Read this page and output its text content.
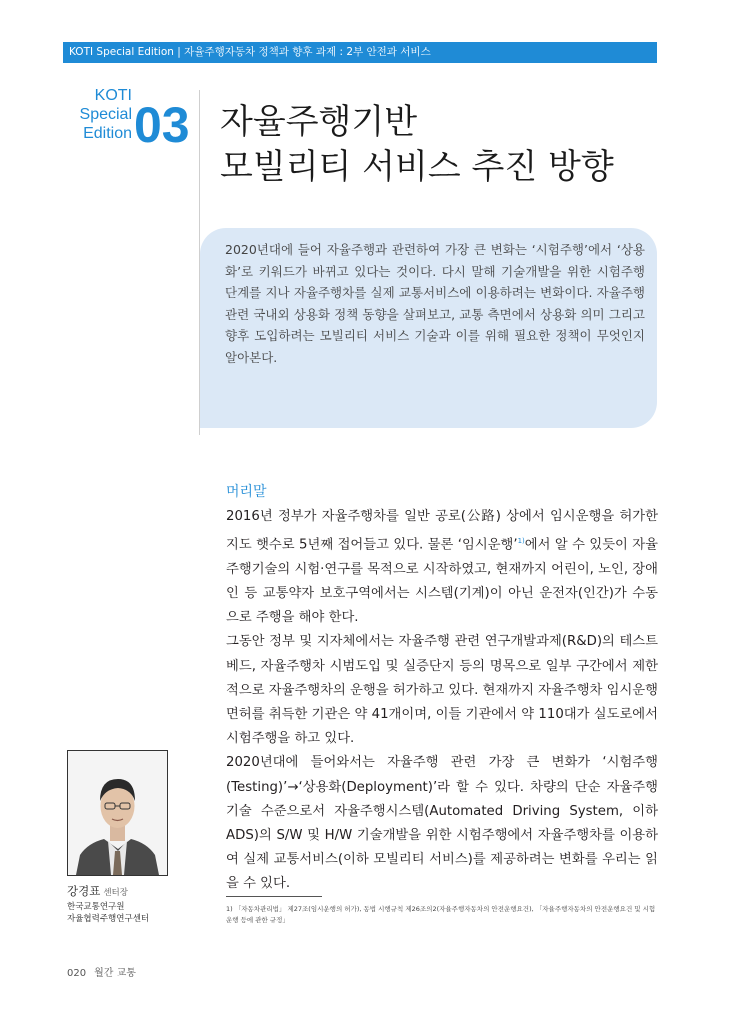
KOTI Special Edition | 자율주행자동차 정책과 향후 과제 : 2부 안전과 서비스
KOTI
Special
Edition 03 자율주행기반
모빌리티 서비스 추진 방향
2020년대에 들어 자율주행과 관련하여 가장 큰 변화는 ‘시험주행’에서 ‘상용화’로 키워드가 바뀌고 있다는 것이다. 다시 말해 기술개발을 위한 시험주행 단계를 지나 자율주행차를 실제 교통서비스에 이용하려는 변화이다. 자율주행 관련 국내외 상용화 정책 동향을 살펴보고, 교통 측면에서 상용화 의미 그리고 향후 도입하려는 모빌리티 서비스 기술과 이를 위해 필요한 정책이 무엇인지 알아본다.
강경표 센터장
한국교통연구원
자율협력주행연구센터
머리말

2016년 정부가 자율주행차를 일반 공로(公路) 상에서 임시운행을 허가한 지도 햇수로 5년째 접어들고 있다. 물론 ‘임시운행’$^{1)}$에서 알 수 있듯이 자율주행기술의 시험·연구를 목적으로 시작하였고, 현재까지 어린이, 노인, 장애인 등 교통약자 보호구역에서는 시스템(기계)이 아닌 운전자(인간)가 수동으로 주행을 해야 한다.

그동안 정부 및 지자체에서는 자율주행 관련 연구개발과제(R&D)의 테스트베드, 자율주행차 시범도입 및 실증단지 등의 명목으로 일부 구간에서 제한적으로 자율주행차의 운행을 허가하고 있다. 현재까지 자율주행차 임시운행면허를 취득한 기관은 약 41개이며, 이들 기관에서 약 110대가 실도로에서 시험주행을 하고 있다.

2020년대에 들어와서는 자율주행 관련 가장 큰 변화가 ‘시험주행(Testing)’→‘상용화(Deployment)’라 할 수 있다. 차량의 단순 자율주행기술 수준으로서 자율주행시스템(Automated Driving System, 이하 ADS)의 S/W 및 H/W 기술개발을 위한 시험주행에서 자율주행차를 이용하여 실제 교통서비스(이하 모빌리티 서비스)를 제공하려는 변화를 우리는 읽을 수 있다.

1) 「자동차관리법」 제27조(임시운행의 허가), 동법 시행규칙 제26조의2(자율주행자동차의 안전운행요건), 「자율주행자동차의 안전운행요건 및 시험운행 등에 관한 규정」
020 월간 교통
